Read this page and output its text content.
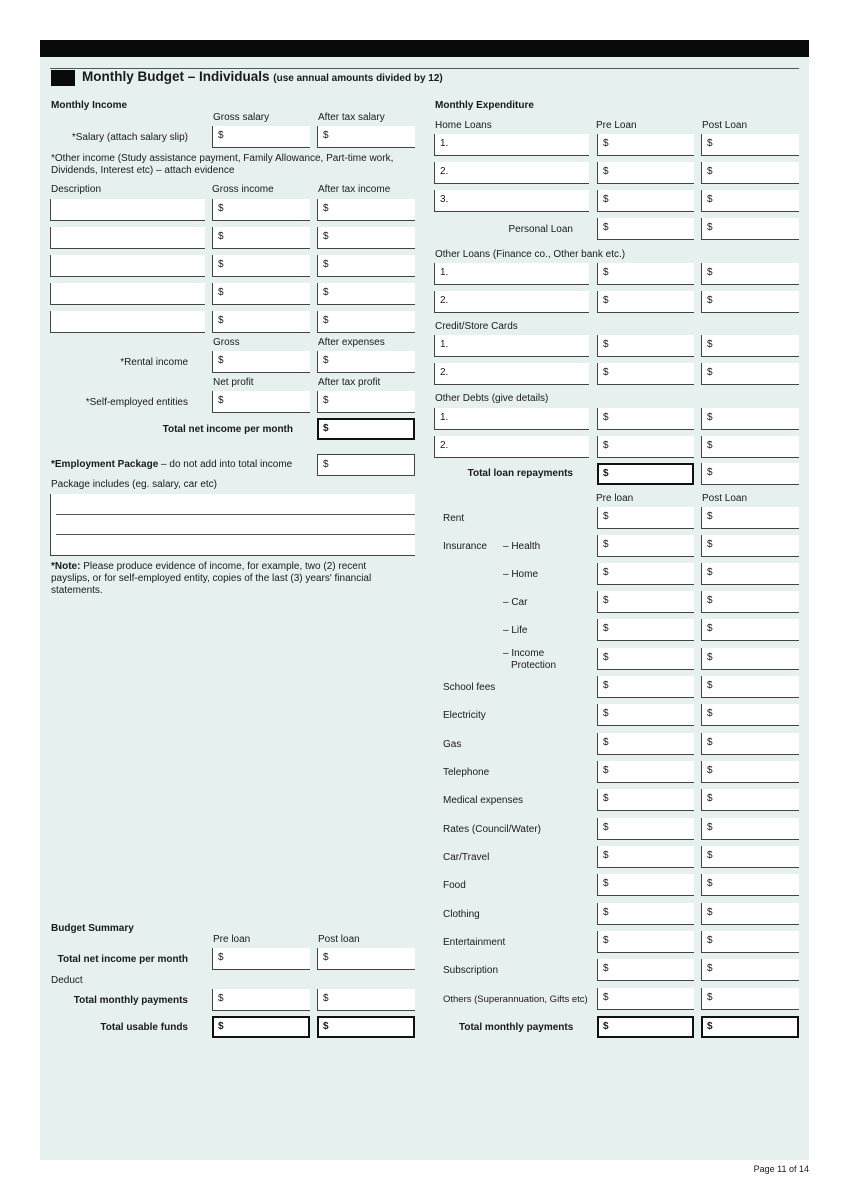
Monthly Budget – Individuals (use annual amounts divided by 12)
Monthly Income
Gross salary	After tax salary
*Salary (attach salary slip)	$	$
*Other income (Study assistance payment, Family Allowance, Part-time work, Dividends, Interest etc) – attach evidence
Description	Gross income	After tax income
$	$
$	$
$	$
$	$
$	$
Gross	After expenses
*Rental income	$	$
Net profit	After tax profit
*Self-employed entities	$	$
Total net income per month	$
*Employment Package – do not add into total income	$
Package includes (eg. salary, car etc)
*Note: Please produce evidence of income, for example, two (2) recent payslips, or for self-employed entity, copies of the last (3) years' financial statements.
Budget Summary
Pre loan	Post loan
Total net income per month	$	$
Deduct
Total monthly payments	$	$
Total usable funds	$	$
Monthly Expenditure
Home Loans	Pre Loan	Post Loan
1.	$	$
2.	$	$
3.	$	$
Personal Loan	$	$
Other Loans (Finance co., Other bank etc.)
1.	$	$
2.	$	$
Credit/Store Cards
1.	$	$
2.	$	$
Other Debts (give details)
1.	$	$
2.	$	$
Total loan repayments	$	$
Pre loan	Post Loan
Rent	$	$
Insurance – Health	$	$
– Home	$	$
– Car	$	$
– Life	$	$
– Income
Protection
$	$
School fees	$	$
Electricity	$	$
Gas	$	$
Telephone	$	$
Medical expenses	$	$
Rates (Council/Water)	$	$
Car/Travel	$	$
Food	$	$
Clothing	$	$
Entertainment	$	$
Subscription	$	$
Others (Superannuation, Gifts etc)	$	$
Total monthly payments	$	$
Page 11 of 14
